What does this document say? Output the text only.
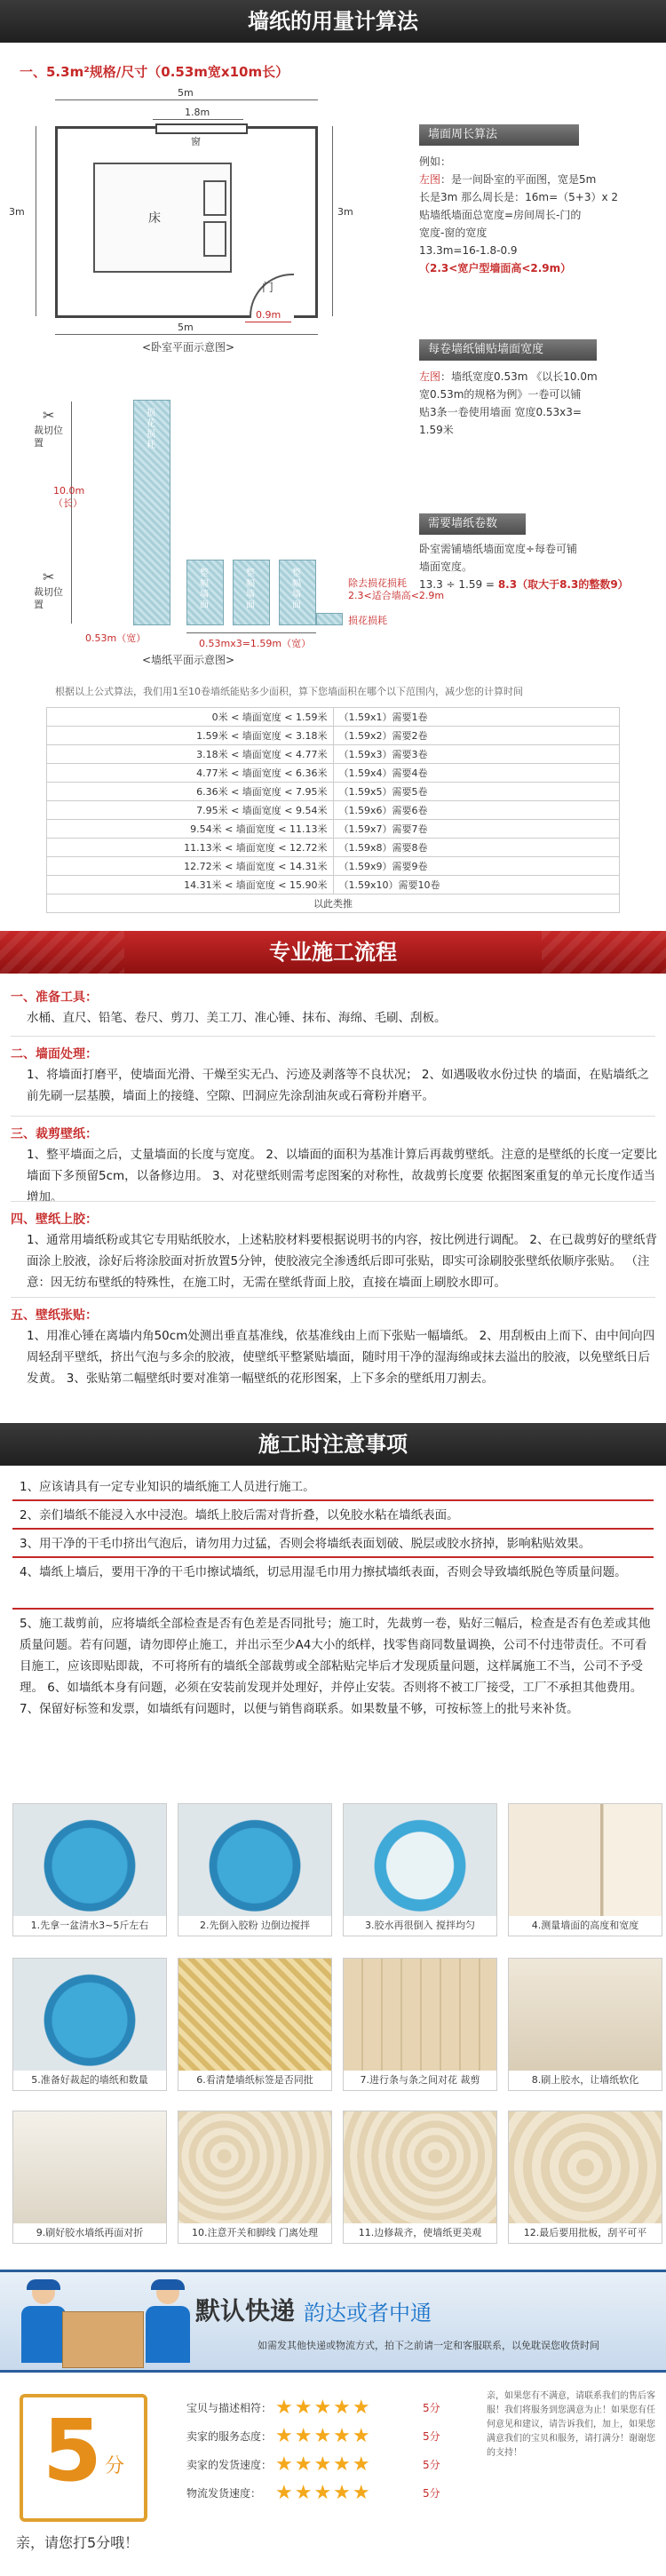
墙纸的用量计算法
一、5.3m²规格/尺寸（0.53m宽x10m长）
5m
1.8m
窗
床
门
3m	3m
0.9m
5m
<卧室平面示意图>
墙面周长算法
例如：
左图：是一间卧室的平面图，宽是5m
长是3m 那么周长是：16m=（5+3）x 2
贴墙纸墙面总宽度=房间周长-门的
宽度-窗的宽度
13.3m=16-1.8-0.9
（2.3<宽户型墙面高<2.9m）
每卷墙纸铺贴墙面宽度
左图：墙纸宽度0.53m 《以长10.0m
宽0.53m的规格为例》一卷可以铺
贴3条一卷使用墙面 宽度0.53x3=
1.59米
需要墙纸卷数
卧室需铺墙纸墙面宽度÷每卷可铺
墙面宽度。
13.3 ÷ 1.59 = 8.3（取大于8.3的整数9）
✂
裁切位置
✂
裁切位置
10.0m（长）
损花损耗
0.53m（宽）
整幅墙面
整幅墙面
整幅墙面
除去损花损耗
2.3<适合墙高<2.9m
损花损耗
0.53mx3=1.59m（宽）
<墙纸平面示意图>
根据以上公式算法，我们用1至10卷墙纸能贴多少面积，算下您墙面积在哪个以下范围内，减少您的计算时间
0米 < 墙面宽度 < 1.59米	（1.59x1）需要1卷
1.59米 < 墙面宽度 < 3.18米	（1.59x2）需要2卷
3.18米 < 墙面宽度 < 4.77米	（1.59x3）需要3卷
4.77米 < 墙面宽度 < 6.36米	（1.59x4）需要4卷
6.36米 < 墙面宽度 < 7.95米	（1.59x5）需要5卷
7.95米 < 墙面宽度 < 9.54米	（1.59x6）需要6卷
9.54米 < 墙面宽度 < 11.13米	（1.59x7）需要7卷
11.13米 < 墙面宽度 < 12.72米	（1.59x8）需要8卷
12.72米 < 墙面宽度 < 14.31米	（1.59x9）需要9卷
14.31米 < 墙面宽度 < 15.90米	（1.59x10）需要10卷
以此类推	
专业施工流程
一、准备工具：
水桶、直尺、铅笔、卷尺、剪刀、美工刀、准心锤、抹布、海绵、毛刷、刮板。
二、墙面处理：
1、将墙面打磨平，使墙面光滑、干燥至实无凸、污迹及剥落等不良状况； 2、如遇吸收水份过快 的墙面，在贴墙纸之前先刷一层基膜，墙面上的接缝、空隙、凹洞应先涂刮油灰或石膏粉并磨平。
三、裁剪壁纸：
1、整平墙面之后，丈量墙面的长度与宽度。 2、以墙面的面积为基准计算后再裁剪壁纸。注意的是壁纸的长度一定要比墙面下多预留5cm，以备修边用。 3、对花壁纸则需考虑图案的对称性，故裁剪长度要 依据图案重复的单元长度作适当增加。
四、壁纸上胶：
1、通常用墙纸粉或其它专用贴纸胶水，上述粘胶材料要根据说明书的内容，按比例进行调配。 2、在已裁剪好的壁纸背面涂上胶液，涂好后将涂胶面对折放置5分钟，使胶液完全渗透纸后即可张贴，即实可涂刷胶张壁纸依顺序张贴。 （注意：因无纺布壁纸的特殊性，在施工时，无需在壁纸背面上胶，直接在墙面上刷胶水即可。
五、壁纸张贴：
1、用准心锤在离墙内角50cm处测出垂直基准线，依基准线由上而下张贴一幅墙纸。 2、用刮板由上而下、由中间向四周轻刮平壁纸，挤出气泡与多余的胶液，使壁纸平整紧贴墙面，随时用干净的湿海绵或抹去溢出的胶液，以免壁纸日后发黄。 3、张贴第二幅壁纸时要对准第一幅壁纸的花形图案，上下多余的壁纸用刀割去。
施工时注意事项
1、应该请具有一定专业知识的墙纸施工人员进行施工。
2、亲们墙纸不能浸入水中浸泡。墙纸上胶后需对背折叠，以免胶水粘在墙纸表面。
3、用干净的干毛巾挤出气泡后，请勿用力过猛，否则会将墙纸表面划破、脱层或胶水挤掉，影响粘贴效果。
4、墙纸上墙后，要用干净的干毛巾擦试墙纸，切忌用湿毛巾用力擦拭墙纸表面，否则会导致墙纸脱色等质量问题。
5、施工裁剪前，应将墙纸全部检查是否有色差是否同批号；施工时，先裁剪一卷，贴好三幅后，检查是否有色差或其他质量问题。若有问题，请勿即停止施工，并出示至少A4大小的纸样，找零售商同数量调换，公司不付违带责任。不可看目施工，应该即贴即裁，不可将所有的墙纸全部裁剪或全部粘贴完毕后才发现质量问题，这样属施工不当，公司不予受理。 6、如墙纸本身有问题，必须在安装前发现并处理好，并停止安装。否则将不被工厂接受，工厂不承担其他费用。 7、保留好标签和发票，如墙纸有问题时，以便与销售商联系。如果数量不够，可按标签上的批号来补货。
1.先拿一盆清水3~5斤左右	2.先倒入胶粉 边倒边搅拌	3.胶水再很倒入 搅拌均匀	4.测量墙面的高度和宽度
5.准备好裁起的墙纸和数量	6.看清楚墙纸标签是否同批	7.进行条与条之间对花 裁剪	8.刷上胶水，让墙纸软化
9.刷好胶水墙纸再面对折	10.注意开关和脚线 门离处理	11.边修裁齐，使墙纸更美观	12.最后要用批板，刮平可平
默认快递 韵达或者中通
如需发其他快递或物流方式，拍下之前请一定和客服联系，以免耽误您收货时间
5 分
亲，请您打5分哦！
宝贝与描述相符： ★★★★★	5分
卖家的服务态度： ★★★★★	5分
卖家的发货速度： ★★★★★	5分
物流发货速度： ★★★★★	5分
亲，如果您有不满意，请联系我们的售后客服！我们将服务到您满意为止！如果您有任何意见和建议，请告诉我们，加上，如果您满意我们的宝贝和服务，请打满分！谢谢您的支持！
